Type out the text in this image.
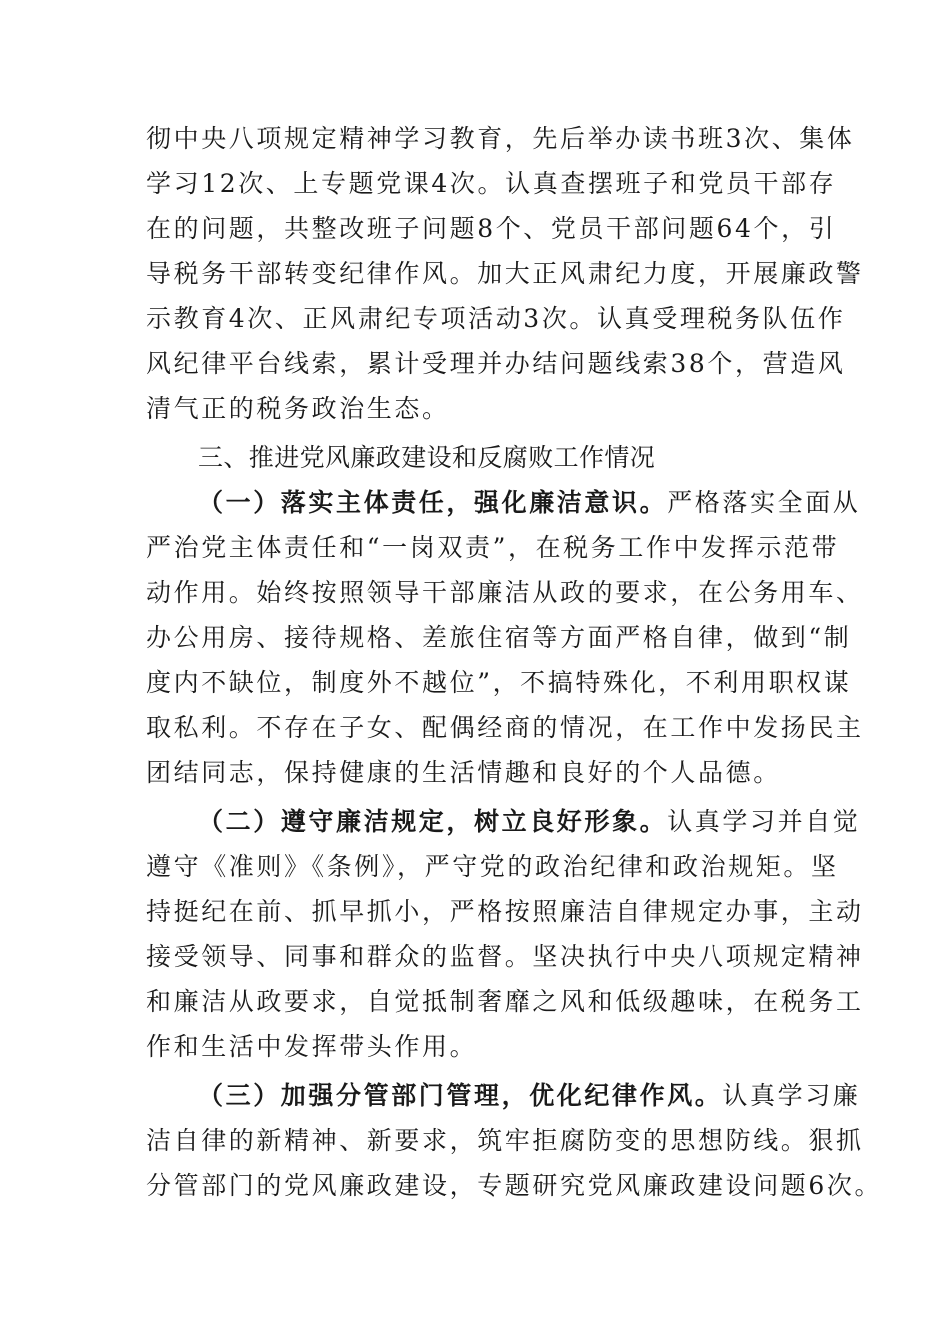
彻中央八项规定精神学习教育，先后举办读书班3次、集体
学习12次、上专题党课4次。认真查摆班子和党员干部存
在的问题，共整改班子问题8个、党员干部问题64个，引
导税务干部转变纪律作风。加大正风肃纪力度，开展廉政警
示教育4次、正风肃纪专项活动3次。认真受理税务队伍作
风纪律平台线索，累计受理并办结问题线索38个，营造风
清气正的税务政治生态。
三、推进党风廉政建设和反腐败工作情况
（一）落实主体责任，强化廉洁意识。严格落实全面从
严治党主体责任和“一岗双责”，在税务工作中发挥示范带
动作用。始终按照领导干部廉洁从政的要求，在公务用车、
办公用房、接待规格、差旅住宿等方面严格自律，做到“制
度内不缺位，制度外不越位”，不搞特殊化，不利用职权谋
取私利。不存在子女、配偶经商的情况，在工作中发扬民主
团结同志，保持健康的生活情趣和良好的个人品德。
（二）遵守廉洁规定，树立良好形象。认真学习并自觉
遵守《准则》《条例》，严守党的政治纪律和政治规矩。坚
持挺纪在前、抓早抓小，严格按照廉洁自律规定办事，主动
接受领导、同事和群众的监督。坚决执行中央八项规定精神
和廉洁从政要求，自觉抵制奢靡之风和低级趣味，在税务工
作和生活中发挥带头作用。
（三）加强分管部门管理，优化纪律作风。认真学习廉
洁自律的新精神、新要求，筑牢拒腐防变的思想防线。狠抓
分管部门的党风廉政建设，专题研究党风廉政建设问题6次。
